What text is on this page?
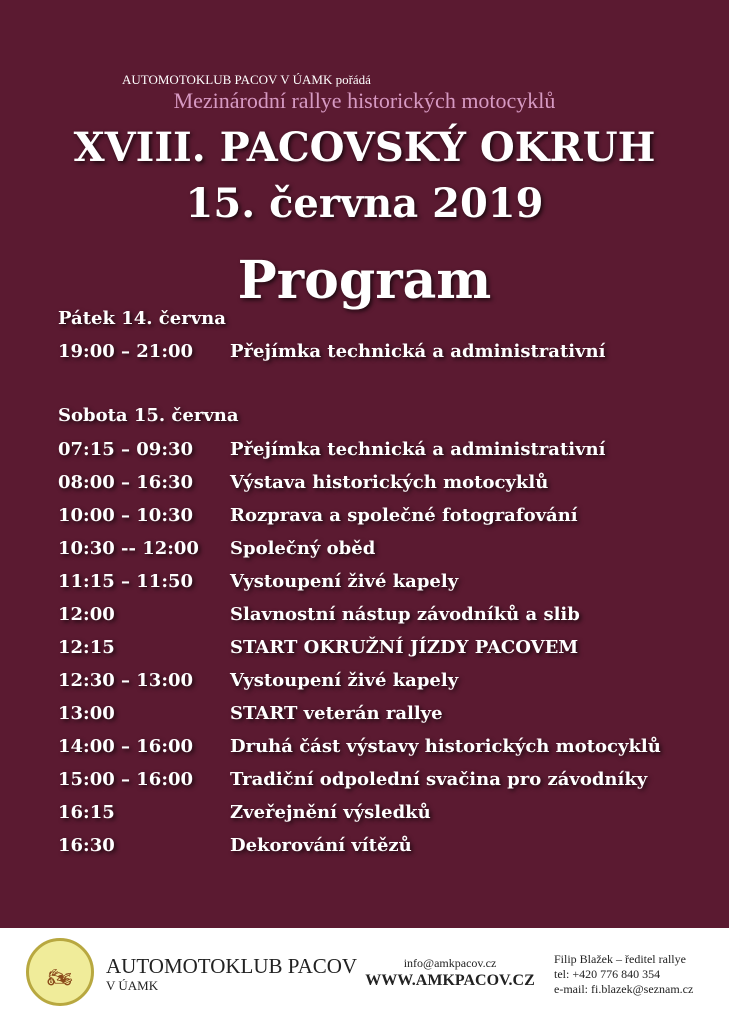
AUTOMOTOKLUB PACOV V ÚAMK pořádá
Mezinárodní rallye historických motocyklů
XVIII. PACOVSKÝ OKRUH
15. června 2019
Program
Pátek 14. června
19:00 – 21:00 Přejímka technická a administrativní
Sobota 15. června
07:15 – 09:30 Přejímka technická a administrativní
08:00 – 16:30 Výstava historických motocyklů
10:00 – 10:30 Rozprava a společné fotografování
10:30 -- 12:00 Společný oběd
11:15 – 11:50 Vystoupení živé kapely
12:00	Slavnostní nástup závodníků a slib
12:15	START OKRUŽNÍ JÍZDY PACOVEM
12:30 – 13:00 Vystoupení živé kapely
13:00	START veterán rallye
14:00 – 16:00 Druhá část výstavy historických motocyklů
15:00 – 16:00 Tradiční odpolední svačina pro závodníky
16:15	Zveřejnění výsledků
16:30	Dekorování vítězů
🏍 AUTOMOTOKLUB PACOV
V ÚAMK
info@amkpacov.cz
WWW.AMKPACOV.CZ
Filip Blažek – ředitel rallye
tel: +420 776 840 354
e-mail: fi.blazek@seznam.cz
